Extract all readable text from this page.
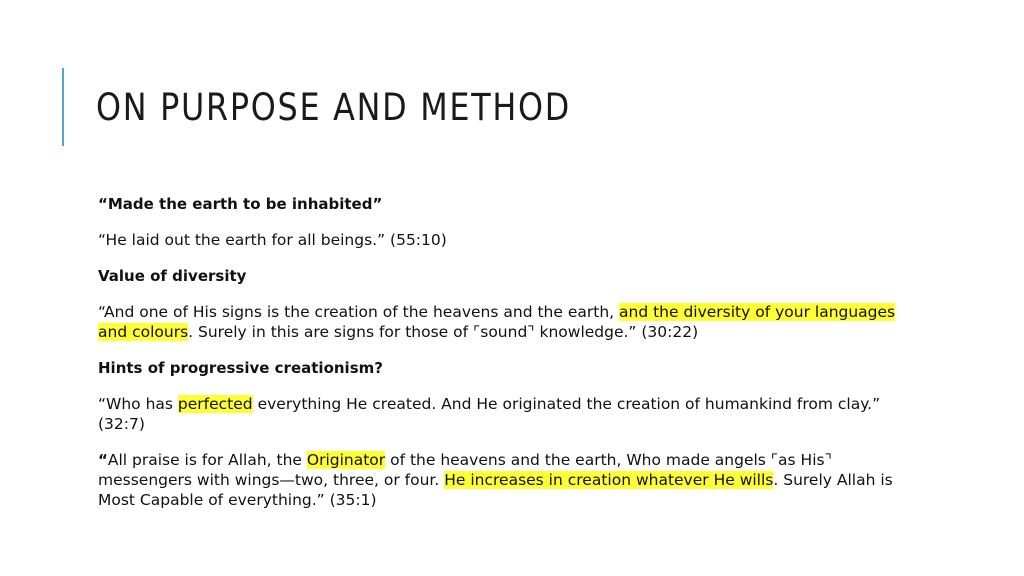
ON PURPOSE AND METHOD

“Made the earth to be inhabited”

“He laid out the earth for all beings.” (55:10)

Value of diversity

“And one of His signs is the creation of the heavens and the earth, and the diversity of your languages and colours. Surely in this are signs for those of ⌜sound⌝ knowledge.” (30:22)

Hints of progressive creationism?

“Who has perfected everything He created. And He originated the creation of humankind from clay.” (32:7)

“All praise is for Allah, the Originator of the heavens and the earth, Who made angels ⌜as His⌝ messengers with wings—two, three, or four. He increases in creation whatever He wills. Surely Allah is Most Capable of everything.” (35:1)
